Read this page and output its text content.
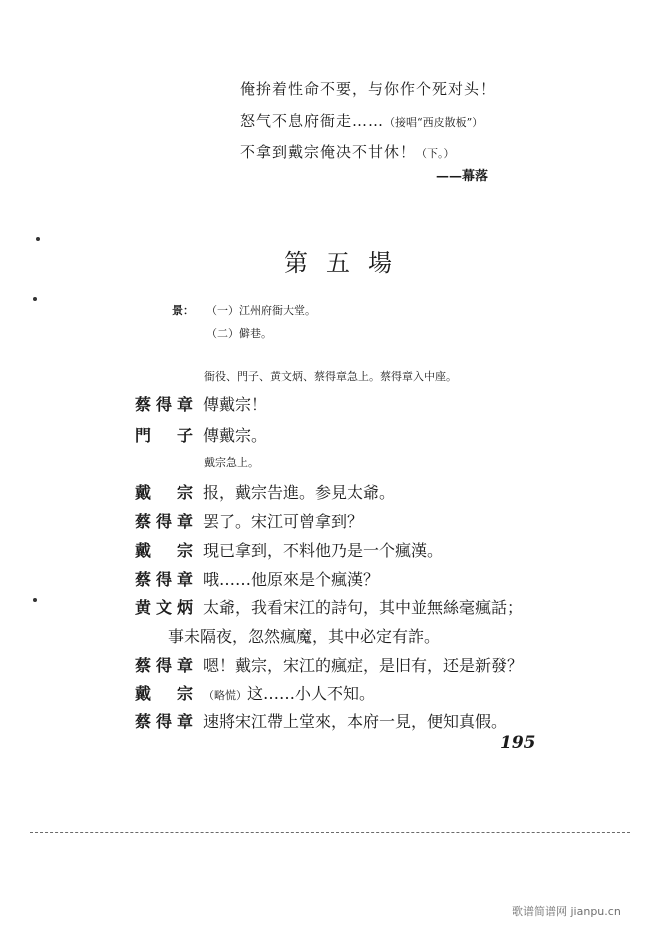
俺拚着性命不要，与你作个死对头！
怒气不息府衙走……（接唱“西皮散板”）
不拿到戴宗俺决不甘休！（下。）
——幕落
第五場
景： （一）江州府衙大堂。
（二）僻巷。
衙役、門子、黄文炳、蔡得章急上。蔡得章入中座。
蔡得章 傳戴宗！
門子 傳戴宗。
戴宗急上。
戴宗 报，戴宗告進。参見太爺。
蔡得章 罢了。宋江可曾拿到？
戴宗 現已拿到，不料他乃是一个瘋漢。
蔡得章 哦……他原來是个瘋漢？
黄文炳 太爺，我看宋江的詩句，其中並無絲毫瘋話；
事未隔夜，忽然瘋魔，其中必定有詐。
蔡得章 嗯！戴宗，宋江的瘋症，是旧有，还是新發？
戴宗 （略慌）这……小人不知。
蔡得章 速將宋江帶上堂來，本府一見，便知真假。
195
歌谱简谱网 jianpu.cn
